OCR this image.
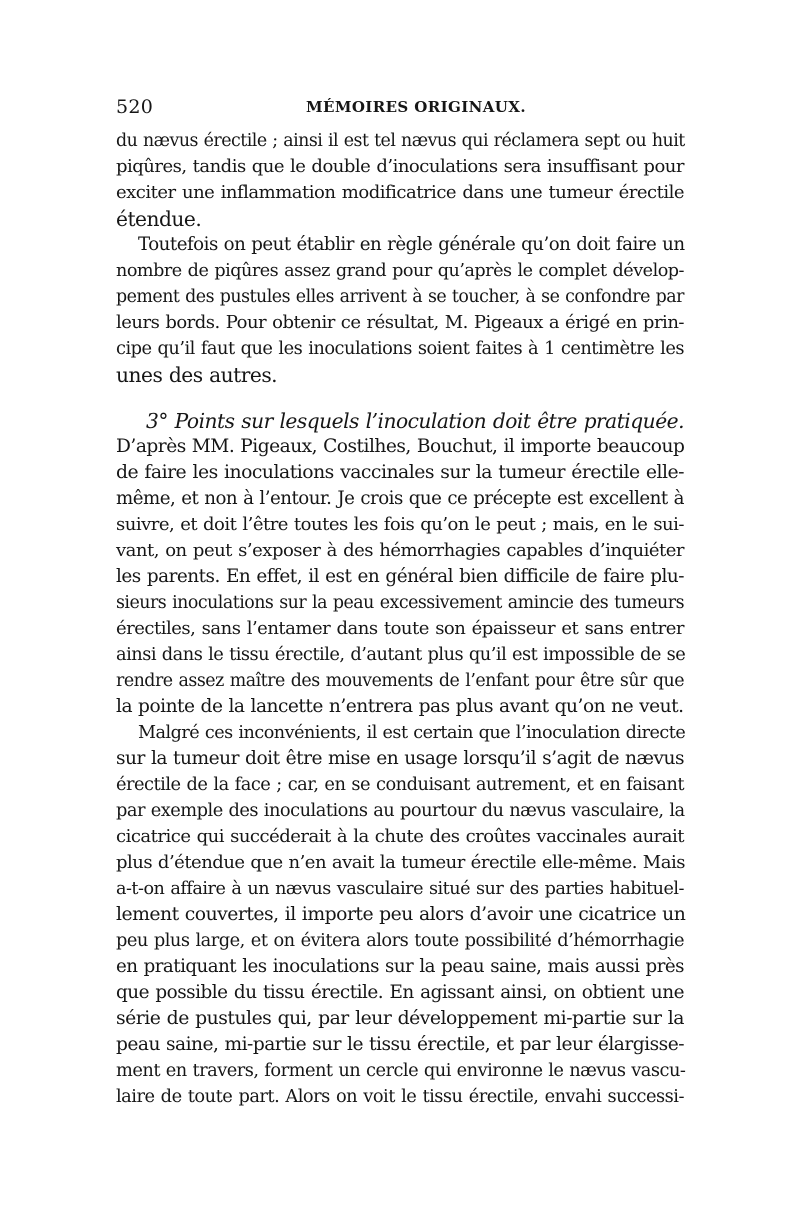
520	MÉMOIRES ORIGINAUX.
du nævus érectile ; ainsi il est tel nævus qui réclamera sept ou huit
piqûres, tandis que le double d’inoculations sera insuffisant pour
exciter une inflammation modificatrice dans une tumeur érectile
étendue.
Toutefois on peut établir en règle générale qu’on doit faire un
nombre de piqûres assez grand pour qu’après le complet dévelop-
pement des pustules elles arrivent à se toucher, à se confondre par
leurs bords. Pour obtenir ce résultat, M. Pigeaux a érigé en prin-
cipe qu’il faut que les inoculations soient faites à 1 centimètre les
unes des autres.
3° Points sur lesquels l’inoculation doit être pratiquée.
D’après MM. Pigeaux, Costilhes, Bouchut, il importe beaucoup
de faire les inoculations vaccinales sur la tumeur érectile elle-
même, et non à l’entour. Je crois que ce précepte est excellent à
suivre, et doit l’être toutes les fois qu’on le peut ; mais, en le sui-
vant, on peut s’exposer à des hémorrhagies capables d’inquiéter
les parents. En effet, il est en général bien difficile de faire plu-
sieurs inoculations sur la peau excessivement amincie des tumeurs
érectiles, sans l’entamer dans toute son épaisseur et sans entrer
ainsi dans le tissu érectile, d’autant plus qu’il est impossible de se
rendre assez maître des mouvements de l’enfant pour être sûr que
la pointe de la lancette n’entrera pas plus avant qu’on ne veut.
Malgré ces inconvénients, il est certain que l’inoculation directe
sur la tumeur doit être mise en usage lorsqu’il s’agit de nævus
érectile de la face ; car, en se conduisant autrement, et en faisant
par exemple des inoculations au pourtour du nævus vasculaire, la
cicatrice qui succéderait à la chute des croûtes vaccinales aurait
plus d’étendue que n’en avait la tumeur érectile elle-même. Mais
a-t-on affaire à un nævus vasculaire situé sur des parties habituel-
lement couvertes, il importe peu alors d’avoir une cicatrice un
peu plus large, et on évitera alors toute possibilité d’hémorrhagie
en pratiquant les inoculations sur la peau saine, mais aussi près
que possible du tissu érectile. En agissant ainsi, on obtient une
série de pustules qui, par leur développement mi-partie sur la
peau saine, mi-partie sur le tissu érectile, et par leur élargisse-
ment en travers, forment un cercle qui environne le nævus vascu-
laire de toute part. Alors on voit le tissu érectile, envahi successi-
